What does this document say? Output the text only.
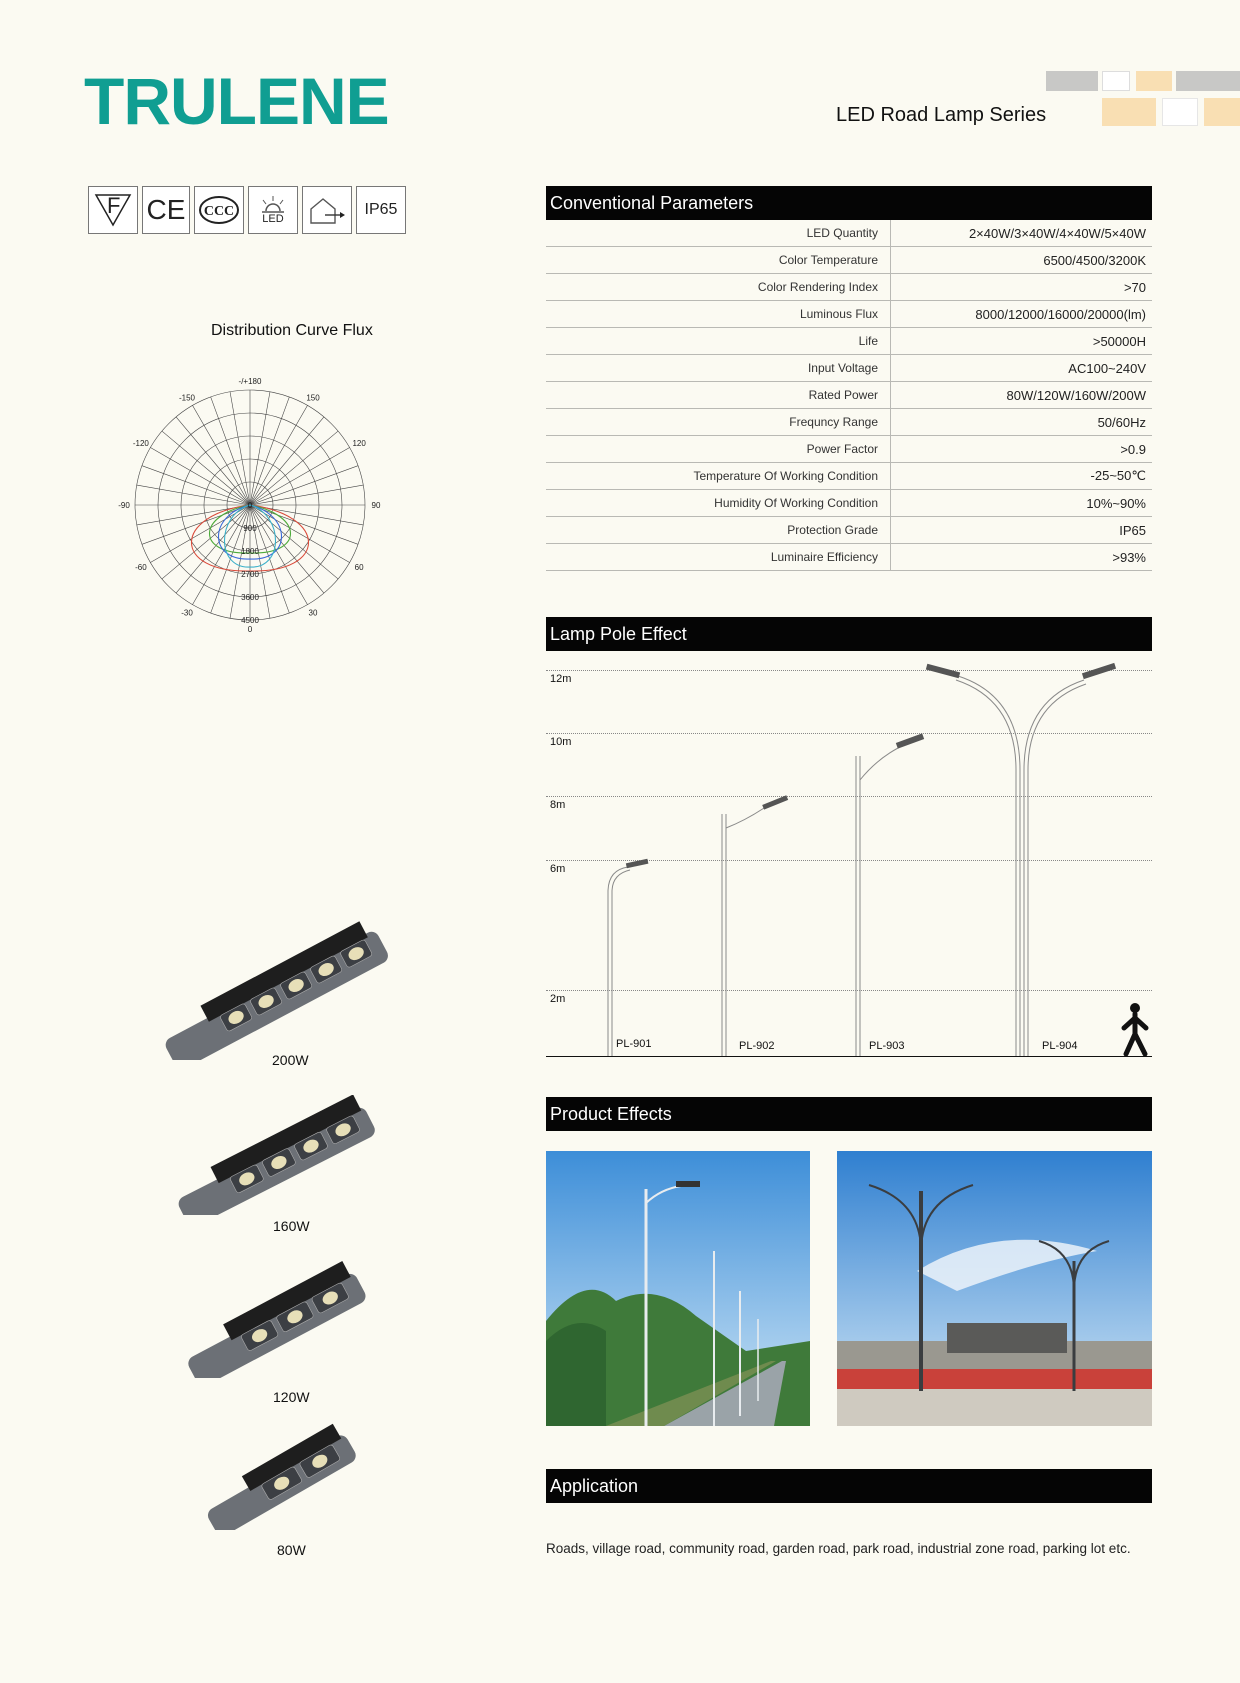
TRULENE	LED Road Lamp Series
F CE	CCC	LED
IP65
Distribution Curve Flux
-/+180
150
120
90
60
30
0
-30
-60
-90
-120
-150
0
900
1800
2700
3600
4500
Conventional Parameters
LED Quantity	2×40W/3×40W/4×40W/5×40W
Color Temperature	6500/4500/3200K
Color Rendering Index	>70
Luminous Flux	8000/12000/16000/20000(lm)
Life	>50000H
Input Voltage	AC100~240V
Rated Power	80W/120W/160W/200W
Frequncy Range	50/60Hz
Power Factor	>0.9
Temperature Of Working Condition	-25~50℃
Humidity Of Working Condition	10%~90%
Protection Grade	IP65
Luminaire Efficiency	>93%
Lamp Pole Effect
12m
10m
8m
6m
2m
PL-901	PL-902	PL-903	PL-904
Product Effects
Application
Roads, village road, community road, garden road, park road, industrial zone road, parking lot etc.
200W
160W
120W
80W
